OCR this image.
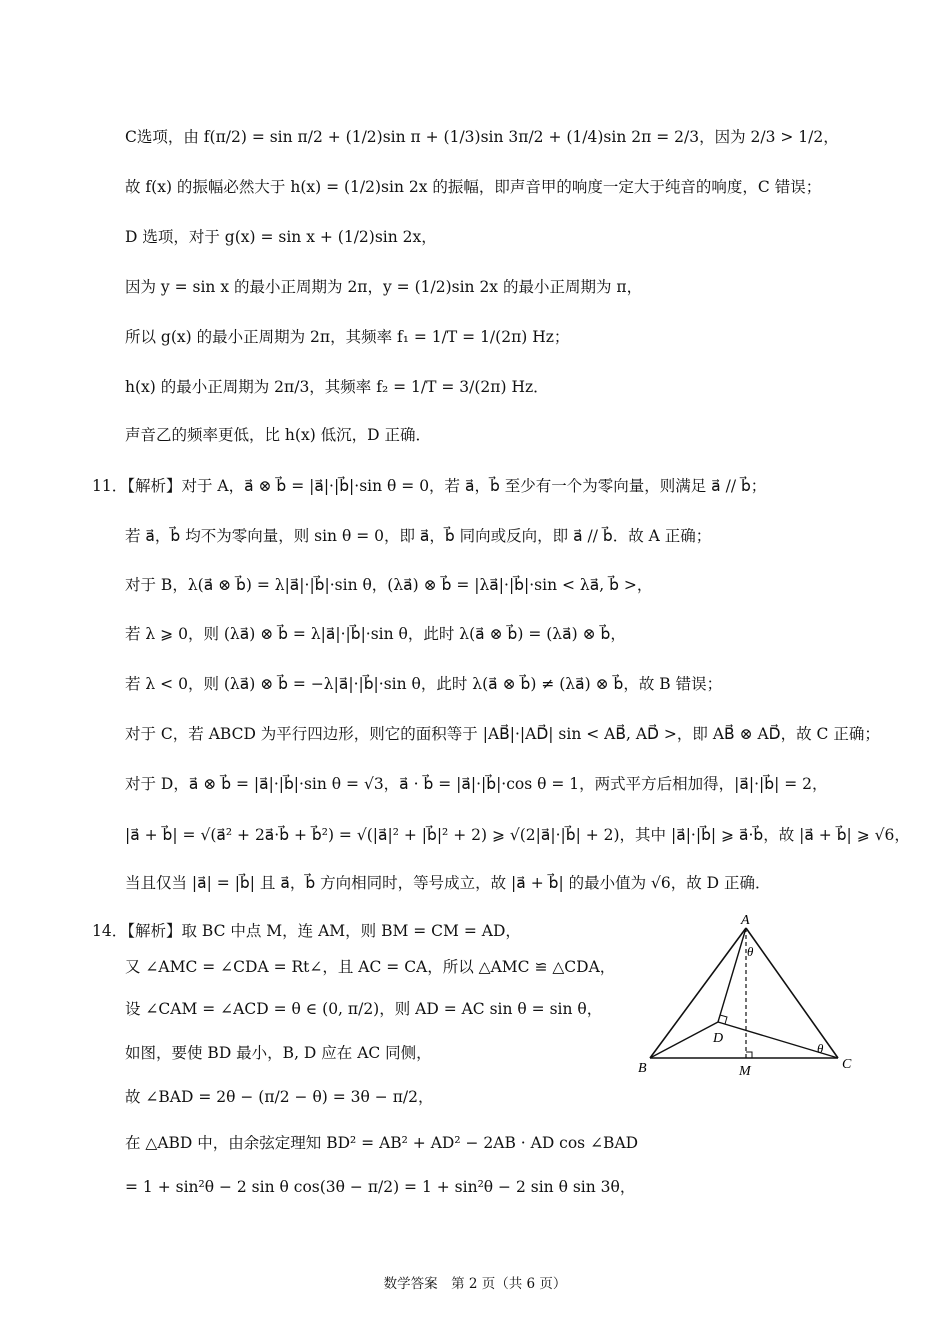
C选项，由 f(π/2) = sin π/2 + (1/2)sin π + (1/3)sin 3π/2 + (1/4)sin 2π = 2/3，因为 2/3 > 1/2，
故 f(x) 的振幅必然大于 h(x) = (1/2)sin 2x 的振幅，即声音甲的响度一定大于纯音的响度，C 错误；
D 选项，对于 g(x) = sin x + (1/2)sin 2x，
因为 y = sin x 的最小正周期为 2π，y = (1/2)sin 2x 的最小正周期为 π，
所以 g(x) 的最小正周期为 2π，其频率 f₁ = 1/T = 1/(2π) Hz；
h(x) 的最小正周期为 2π/3，其频率 f₂ = 1/T = 3/(2π) Hz．
声音乙的频率更低，比 h(x) 低沉，D 正确．
11．【解析】对于 A，a⃗ ⊗ b⃗ = |a⃗|·|b⃗|·sin θ = 0，若 a⃗，b⃗ 至少有一个为零向量，则满足 a⃗ // b⃗；
若 a⃗，b⃗ 均不为零向量，则 sin θ = 0，即 a⃗，b⃗ 同向或反向，即 a⃗ // b⃗．故 A 正确；
对于 B，λ(a⃗ ⊗ b⃗) = λ|a⃗|·|b⃗|·sin θ，(λa⃗) ⊗ b⃗ = |λa⃗|·|b⃗|·sin < λa⃗, b⃗ >，
若 λ ⩾ 0，则 (λa⃗) ⊗ b⃗ = λ|a⃗|·|b⃗|·sin θ，此时 λ(a⃗ ⊗ b⃗) = (λa⃗) ⊗ b⃗，
若 λ < 0，则 (λa⃗) ⊗ b⃗ = −λ|a⃗|·|b⃗|·sin θ，此时 λ(a⃗ ⊗ b⃗) ≠ (λa⃗) ⊗ b⃗，故 B 错误；
对于 C，若 ABCD 为平行四边形，则它的面积等于 |AB⃗|·|AD⃗| sin < AB⃗, AD⃗ >，即 AB⃗ ⊗ AD⃗，故 C 正确；
对于 D，a⃗ ⊗ b⃗ = |a⃗|·|b⃗|·sin θ = √3，a⃗ · b⃗ = |a⃗|·|b⃗|·cos θ = 1，两式平方后相加得，|a⃗|·|b⃗| = 2，
|a⃗ + b⃗| = √(a⃗² + 2a⃗·b⃗ + b⃗²) = √(|a⃗|² + |b⃗|² + 2) ⩾ √(2|a⃗|·|b⃗| + 2)，其中 |a⃗|·|b⃗| ⩾ a⃗·b⃗，故 |a⃗ + b⃗| ⩾ √6，
当且仅当 |a⃗| = |b⃗| 且 a⃗，b⃗ 方向相同时，等号成立，故 |a⃗ + b⃗| 的最小值为 √6，故 D 正确．
14．【解析】取 BC 中点 M，连 AM，则 BM = CM = AD，
又 ∠AMC = ∠CDA = Rt∠，且 AC = CA，所以 △AMC ≌ △CDA，
设 ∠CAM = ∠ACD = θ ∈ (0, π/2)，则 AD = AC sin θ = sin θ，
如图，要使 BD 最小，B, D 应在 AC 同侧，
故 ∠BAD = 2θ − (π/2 − θ) = 3θ − π/2，
在 △ABD 中，由余弦定理知 BD² = AB² + AD² − 2AB · AD cos ∠BAD
= 1 + sin²θ − 2 sin θ cos(3θ − π/2) = 1 + sin²θ − 2 sin θ sin 3θ，
A
B	C
D
M
θ
θ
数学答案　第 2 页（共 6 页）
